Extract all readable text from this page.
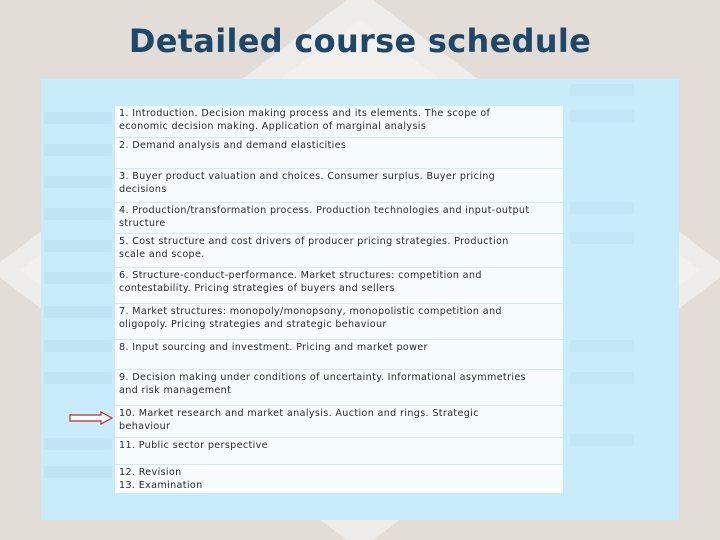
Detailed course schedule
1. Introduction. Decision making process and its elements. The scope of
economic decision making. Application of marginal analysis
2. Demand analysis and demand elasticities
3. Buyer product valuation and choices. Consumer surplus. Buyer pricing
decisions
4. Production/transformation process. Production technologies and input-output
structure
5. Cost structure and cost drivers of producer pricing strategies. Production
scale and scope.
6. Structure-conduct-performance. Market structures: competition and
contestability. Pricing strategies of buyers and sellers
7. Market structures: monopoly/monopsony, monopolistic competition and
oligopoly. Pricing strategies and strategic behaviour
8. Input sourcing and investment. Pricing and market power
9. Decision making under conditions of uncertainty. Informational asymmetries
and risk management
10. Market research and market analysis. Auction and rings. Strategic
behaviour
11. Public sector perspective
12. Revision
13. Examination
